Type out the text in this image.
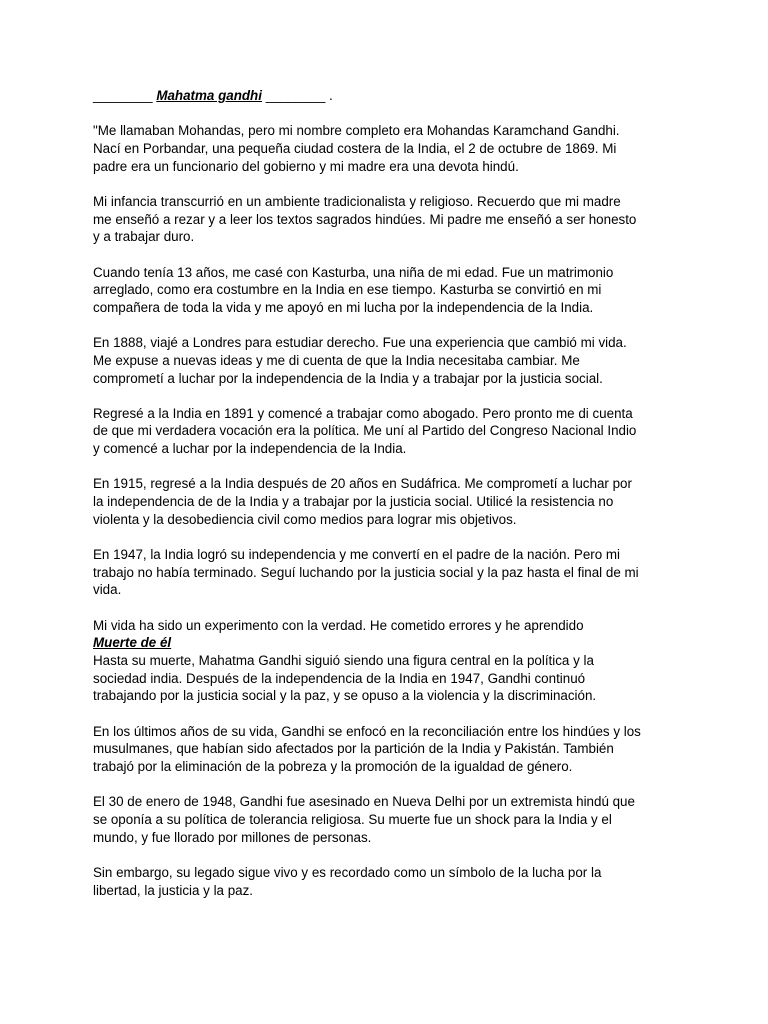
________ Mahatma gandhi ________ .
"Me llamaban Mohandas, pero mi nombre completo era Mohandas Karamchand Gandhi.
Nací en Porbandar, una pequeña ciudad costera de la India, el 2 de octubre de 1869. Mi
padre era un funcionario del gobierno y mi madre era una devota hindú.
Mi infancia transcurrió en un ambiente tradicionalista y religioso. Recuerdo que mi madre
me enseñó a rezar y a leer los textos sagrados hindúes. Mi padre me enseñó a ser honesto
y a trabajar duro.
Cuando tenía 13 años, me casé con Kasturba, una niña de mi edad. Fue un matrimonio
arreglado, como era costumbre en la India en ese tiempo. Kasturba se convirtió en mi
compañera de toda la vida y me apoyó en mi lucha por la independencia de la India.
En 1888, viajé a Londres para estudiar derecho. Fue una experiencia que cambió mi vida.
Me expuse a nuevas ideas y me di cuenta de que la India necesitaba cambiar. Me
comprometí a luchar por la independencia de la India y a trabajar por la justicia social.
Regresé a la India en 1891 y comencé a trabajar como abogado. Pero pronto me di cuenta
de que mi verdadera vocación era la política. Me uní al Partido del Congreso Nacional Indio
y comencé a luchar por la independencia de la India.
En 1915, regresé a la India después de 20 años en Sudáfrica. Me comprometí a luchar por
la independencia de de la India y a trabajar por la justicia social. Utilicé la resistencia no
violenta y la desobediencia civil como medios para lograr mis objetivos.
En 1947, la India logró su independencia y me convertí en el padre de la nación. Pero mi
trabajo no había terminado. Seguí luchando por la justicia social y la paz hasta el final de mi
vida.
Mi vida ha sido un experimento con la verdad. He cometido errores y he aprendido
Muerte de él
Hasta su muerte, Mahatma Gandhi siguió siendo una figura central en la política y la
sociedad india. Después de la independencia de la India en 1947, Gandhi continuó
trabajando por la justicia social y la paz, y se opuso a la violencia y la discriminación.
En los últimos años de su vida, Gandhi se enfocó en la reconciliación entre los hindúes y los
musulmanes, que habían sido afectados por la partición de la India y Pakistán. También
trabajó por la eliminación de la pobreza y la promoción de la igualdad de género.
El 30 de enero de 1948, Gandhi fue asesinado en Nueva Delhi por un extremista hindú que
se oponía a su política de tolerancia religiosa. Su muerte fue un shock para la India y el
mundo, y fue llorado por millones de personas.
Sin embargo, su legado sigue vivo y es recordado como un símbolo de la lucha por la
libertad, la justicia y la paz.
